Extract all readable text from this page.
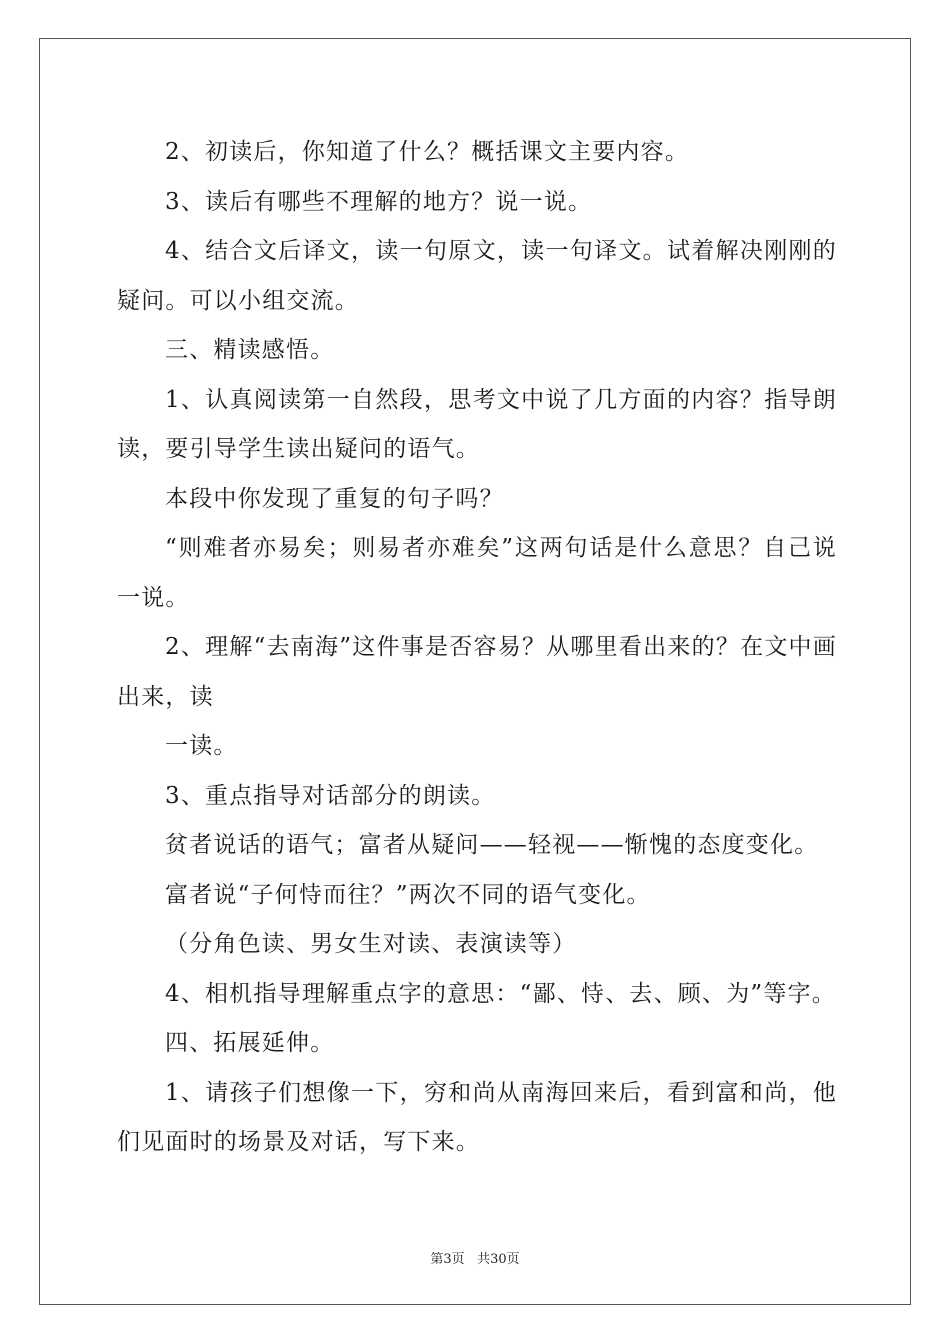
2、初读后，你知道了什么？概括课文主要内容。

3、读后有哪些不理解的地方？说一说。

4、结合文后译文，读一句原文，读一句译文。试着解决刚刚的疑问。可以小组交流。

三、精读感悟。

1、认真阅读第一自然段，思考文中说了几方面的内容？指导朗读，要引导学生读出疑问的语气。

本段中你发现了重复的句子吗？

“则难者亦易矣；则易者亦难矣”这两句话是什么意思？自己说一说。

2、理解“去南海”这件事是否容易？从哪里看出来的？在文中画出来，读

一读。

3、重点指导对话部分的朗读。

贫者说话的语气；富者从疑问——轻视——惭愧的态度变化。

富者说“子何恃而往？”两次不同的语气变化。

（分角色读、男女生对读、表演读等）

4、相机指导理解重点字的意思：“鄙、恃、去、顾、为”等字。

四、拓展延伸。

1、请孩子们想像一下，穷和尚从南海回来后，看到富和尚，他们见面时的场景及对话，写下来。

第3页 共30页
